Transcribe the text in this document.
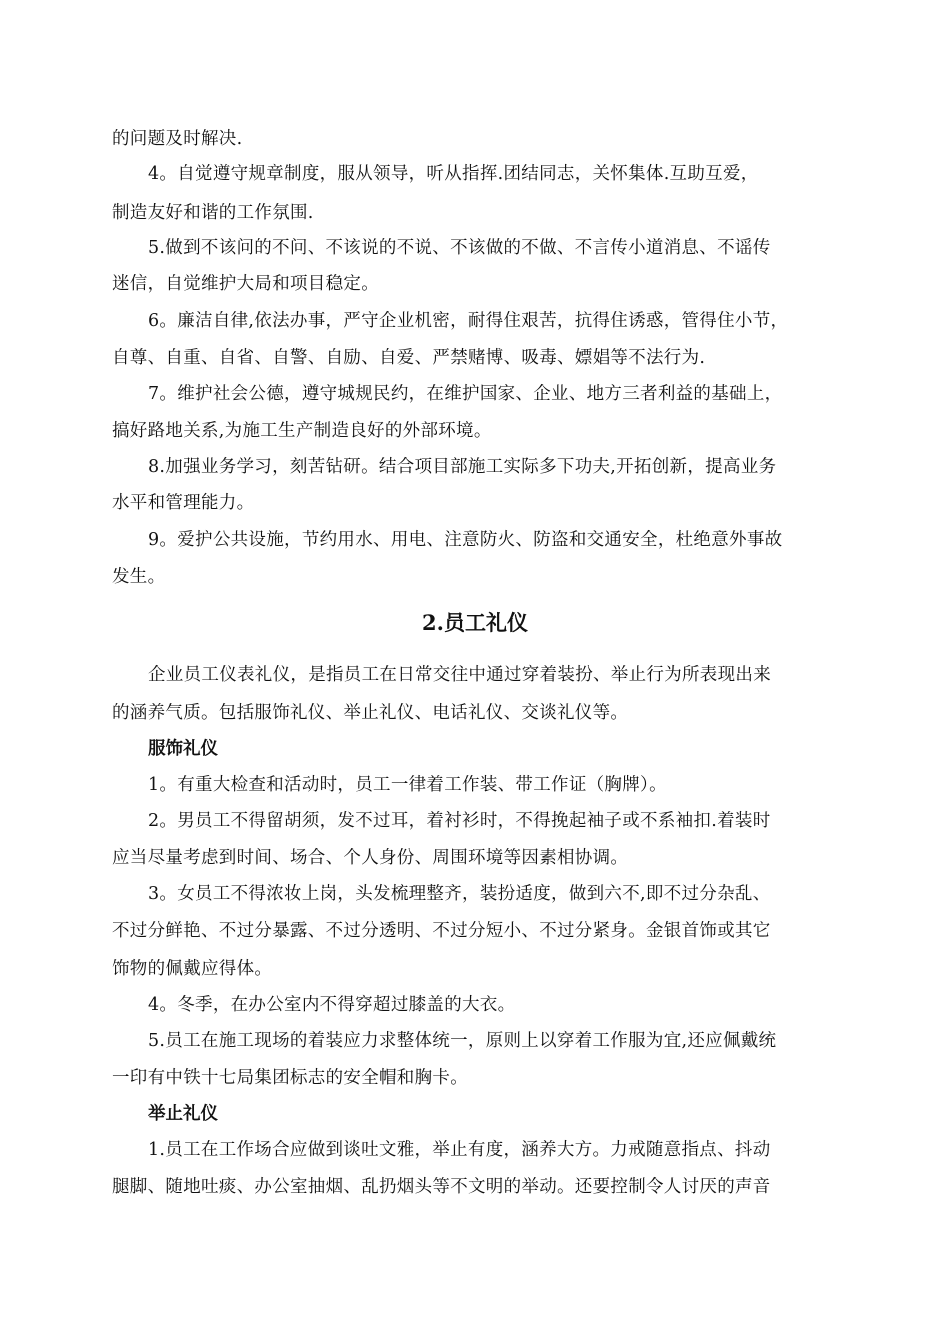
的问题及时解决.
4。自觉遵守规章制度，服从领导，听从指挥.团结同志，关怀集体.互助互爱，
制造友好和谐的工作氛围.
5.做到不该问的不问、不该说的不说、不该做的不做、不言传小道消息、不谣传
迷信，自觉维护大局和项目稳定。
6。廉洁自律,依法办事，严守企业机密，耐得住艰苦，抗得住诱惑，管得住小节，
自尊、自重、自省、自警、自励、自爱、严禁赌博、吸毒、嫖娼等不法行为.
7。维护社会公德，遵守城规民约，在维护国家、企业、地方三者利益的基础上，
搞好路地关系,为施工生产制造良好的外部环境。
8.加强业务学习，刻苦钻研。结合项目部施工实际多下功夫,开拓创新，提高业务
水平和管理能力。
9。爱护公共设施，节约用水、用电、注意防火、防盗和交通安全，杜绝意外事故
发生。
2.员工礼仪
企业员工仪表礼仪，是指员工在日常交往中通过穿着装扮、举止行为所表现出来
的涵养气质。包括服饰礼仪、举止礼仪、电话礼仪、交谈礼仪等。
服饰礼仪
1。有重大检查和活动时，员工一律着工作装、带工作证（胸牌）。
2。男员工不得留胡须，发不过耳，着衬衫时，不得挽起袖子或不系袖扣.着装时
应当尽量考虑到时间、场合、个人身份、周围环境等因素相协调。
3。女员工不得浓妆上岗，头发梳理整齐，装扮适度，做到六不,即不过分杂乱、
不过分鲜艳、不过分暴露、不过分透明、不过分短小、不过分紧身。金银首饰或其它
饰物的佩戴应得体。
4。冬季，在办公室内不得穿超过膝盖的大衣。
5.员工在施工现场的着装应力求整体统一，原则上以穿着工作服为宜,还应佩戴统
一印有中铁十七局集团标志的安全帽和胸卡。
举止礼仪
1.员工在工作场合应做到谈吐文雅，举止有度，涵养大方。力戒随意指点、抖动
腿脚、随地吐痰、办公室抽烟、乱扔烟头等不文明的举动。还要控制令人讨厌的声音
